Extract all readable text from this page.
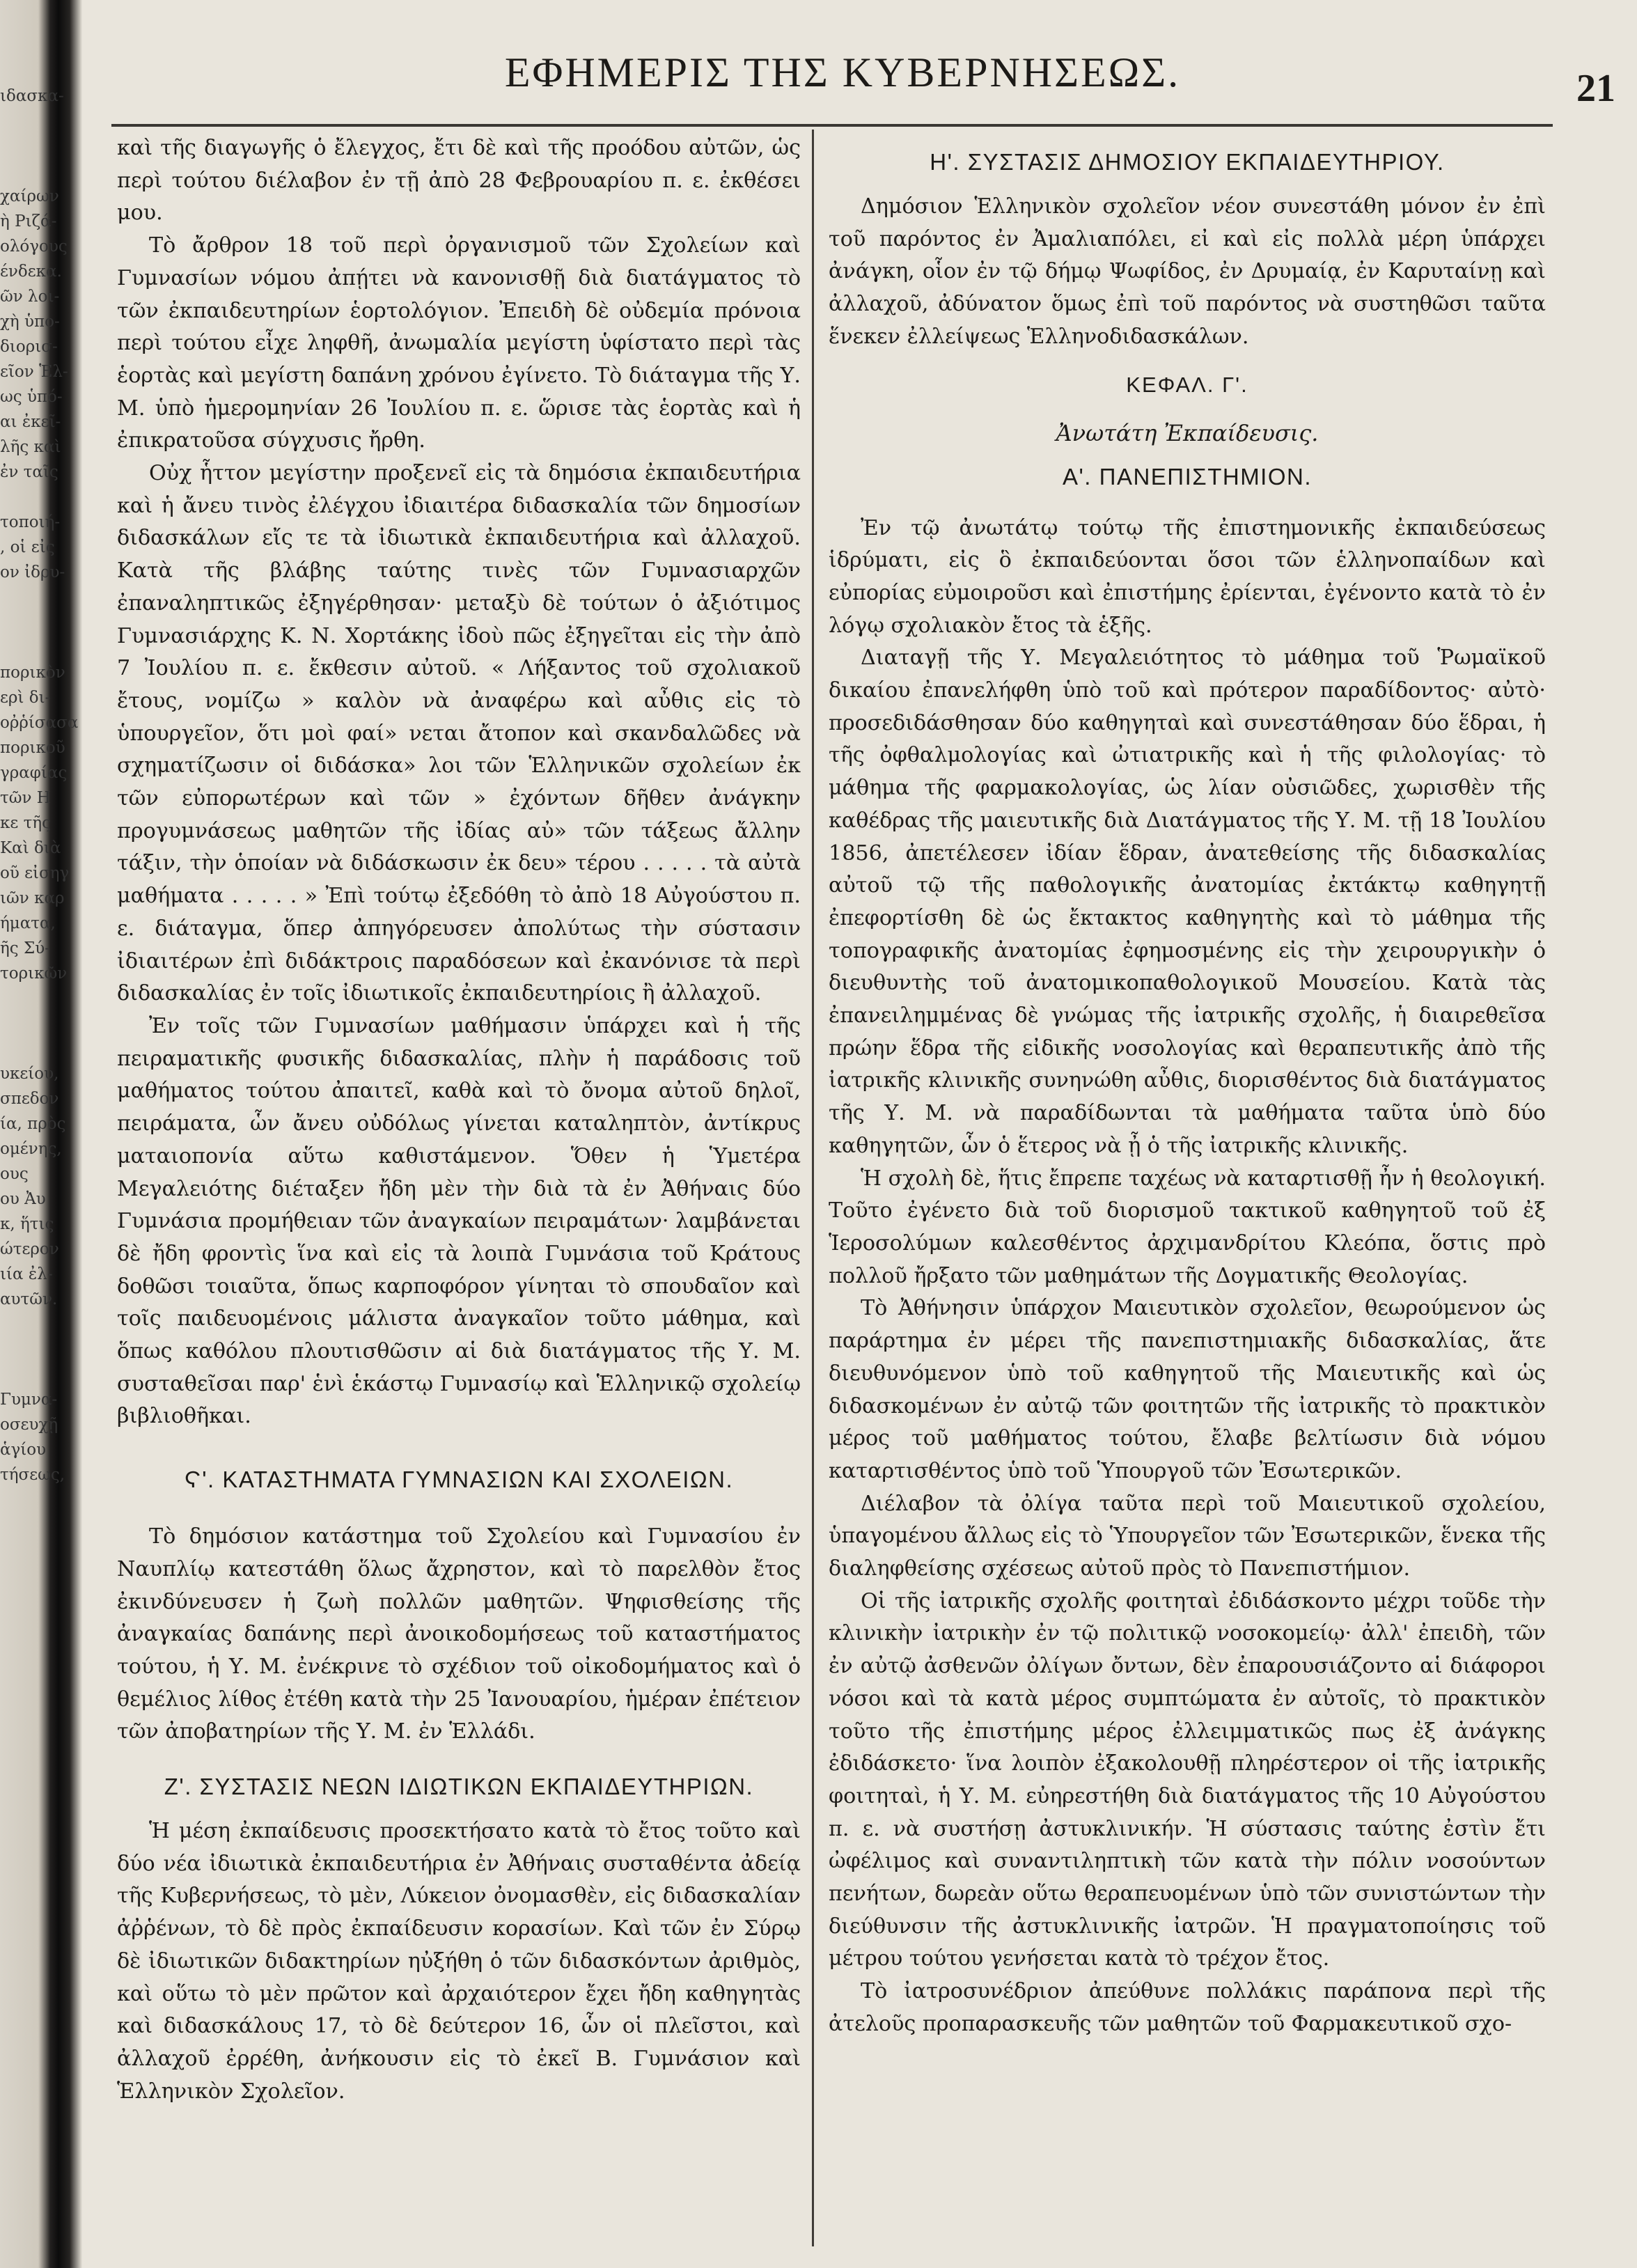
ιδασκα-
χαίρων
ὴ Ριζά-
ολόγους
ένδεκα.
ῶν λοι-
χὴ ὑπο-
διορισ-
εῖον Ἑλ-
ως ὑπό-
αι ἐκεῖ-
λῆς καὶ
ἐν ταῖς
τοποιή-
, οἱ εἰς
ον ἰδρυ-
πορικὸν
ερὶ δι-
οῤῥίσασα
πορικοῦ
γραφίας
τῶν Η
κε τῆς
Καὶ διὰ
οῦ εἰσηγ
ιῶν καρ
ήματα,
ῆς Σύ-
τορικῶν
υκείου,
σπεδον
ία, πρὸς
ομένης,
ους
ου Ἀυ
κ, ἥτις
ώτερον
ιία ἐλ-
αυτῶν.
Γυμνα-
οσευχῇ
ἁγίου
τήσεως,
ΕΦΗΜΕΡΙΣ ΤΗΣ ΚΥΒΕΡΝΗΣΕΩΣ.	21

καὶ τῆς διαγωγῆς ὁ ἔλεγχος, ἔτι δὲ καὶ τῆς προόδου αὐτῶν, ὡς περὶ τούτου διέλαβον ἐν τῇ ἀπὸ 28 Φεβρουαρίου π. ε. ἐκθέσει μου.

Τὸ ἄρθρον 18 τοῦ περὶ ὀργανισμοῦ τῶν Σχολείων καὶ Γυμνασίων νόμου ἀπῄτει νὰ κανονισθῇ διὰ διατάγματος τὸ τῶν ἐκπαιδευτηρίων ἑορτολόγιον. Ἐπειδὴ δὲ οὐδεμία πρόνοια περὶ τούτου εἶχε ληφθῆ, ἀνωμαλία μεγίστη ὑφίστατο περὶ τὰς ἑορτὰς καὶ μεγίστη δαπάνη χρόνου ἐγίνετο. Τὸ διάταγμα τῆς Υ. Μ. ὑπὸ ἡμερομηνίαν 26 Ἰουλίου π. ε. ὥρισε τὰς ἑορτὰς καὶ ἡ ἐπικρατοῦσα σύγχυσις ἤρθη.

Οὐχ ἧττον μεγίστην προξενεῖ εἰς τὰ δημόσια ἐκπαιδευτήρια καὶ ἡ ἄνευ τινὸς ἐλέγχου ἰδιαιτέρα διδασκαλία τῶν δημοσίων διδασκάλων εἴς τε τὰ ἰδιωτικὰ ἐκπαιδευτήρια καὶ ἀλλαχοῦ. Κατὰ τῆς βλάβης ταύτης τινὲς τῶν Γυμνασιαρχῶν ἐπαναληπτικῶς ἐξηγέρθησαν· μεταξὺ δὲ τούτων ὁ ἀξιότιμος Γυμνασιάρχης Κ. Ν. Χορτάκης ἰδοὺ πῶς ἐξηγεῖται εἰς τὴν ἀπὸ 7 Ἰουλίου π. ε. ἔκθεσιν αὐτοῦ. « Λήξαντος τοῦ σχολιακοῦ ἔτους, νομίζω » καλὸν νὰ ἀναφέρω καὶ αὖθις εἰς τὸ ὑπουργεῖον, ὅτι μοὶ φαί» νεται ἄτοπον καὶ σκανδαλῶδες νὰ σχηματίζωσιν οἱ διδάσκα» λοι τῶν Ἑλληνικῶν σχολείων ἐκ τῶν εὐπορωτέρων καὶ τῶν » ἐχόντων δῆθεν ἀνάγκην προγυμνάσεως μαθητῶν τῆς ἰδίας αὐ» τῶν τάξεως ἄλλην τάξιν, τὴν ὁποίαν νὰ διδάσκωσιν ἐκ δευ» τέρου . . . . . τὰ αὐτὰ μαθήματα . . . . . » Ἐπὶ τούτῳ ἐξεδόθη τὸ ἀπὸ 18 Αὐγούστου π. ε. διάταγμα, ὅπερ ἀπηγόρευσεν ἀπολύτως τὴν σύστασιν ἰδιαιτέρων ἐπὶ διδάκτροις παραδόσεων καὶ ἐκανόνισε τὰ περὶ διδασκαλίας ἐν τοῖς ἰδιωτικοῖς ἐκπαιδευτηρίοις ἢ ἀλλαχοῦ.

Ἐν τοῖς τῶν Γυμνασίων μαθήμασιν ὑπάρχει καὶ ἡ τῆς πειραματικῆς φυσικῆς διδασκαλίας, πλὴν ἡ παράδοσις τοῦ μαθήματος τούτου ἀπαιτεῖ, καθὰ καὶ τὸ ὄνομα αὐτοῦ δηλοῖ, πειράματα, ὧν ἄνευ οὐδόλως γίνεται καταληπτὸν, ἀντίκρυς ματαιοπονία αὕτω καθιστάμενον. Ὅθεν ἡ Ὑμετέρα Μεγαλειότης διέταξεν ἤδη μὲν τὴν διὰ τὰ ἐν Ἀθήναις δύο Γυμνάσια προμήθειαν τῶν ἀναγκαίων πειραμάτων· λαμβάνεται δὲ ἤδη φροντὶς ἵνα καὶ εἰς τὰ λοιπὰ Γυμνάσια τοῦ Κράτους δοθῶσι τοιαῦτα, ὅπως καρποφόρον γίνηται τὸ σπουδαῖον καὶ τοῖς παιδευομένοις μάλιστα ἀναγκαῖον τοῦτο μάθημα, καὶ ὅπως καθόλου πλουτισθῶσιν αἱ διὰ διατάγματος τῆς Υ. Μ. συσταθεῖσαι παρ' ἑνὶ ἑκάστῳ Γυμνασίῳ καὶ Ἑλληνικῷ σχολείῳ βιβλιοθῆκαι.

Ϛ'. ΚΑΤΑΣΤΗΜΑΤΑ ΓΥΜΝΑΣΙΩΝ ΚΑΙ ΣΧΟΛΕΙΩΝ.

Τὸ δημόσιον κατάστημα τοῦ Σχολείου καὶ Γυμνασίου ἐν Ναυπλίῳ κατεστάθη ὅλως ἄχρηστον, καὶ τὸ παρελθὸν ἔτος ἐκινδύνευσεν ἡ ζωὴ πολλῶν μαθητῶν. Ψηφισθείσης τῆς ἀναγκαίας δαπάνης περὶ ἀνοικοδομήσεως τοῦ καταστήματος τούτου, ἡ Υ. Μ. ἐνέκρινε τὸ σχέδιον τοῦ οἰκοδομήματος καὶ ὁ θεμέλιος λίθος ἐτέθη κατὰ τὴν 25 Ἰανουαρίου, ἡμέραν ἐπέτειον τῶν ἀποβατηρίων τῆς Υ. Μ. ἐν Ἑλλάδι.

Ζ'. ΣΥΣΤΑΣΙΣ ΝΕΩΝ ΙΔΙΩΤΙΚΩΝ ΕΚΠΑΙΔΕΥΤΗΡΙΩΝ.

Ἡ μέση ἐκπαίδευσις προσεκτήσατο κατὰ τὸ ἔτος τοῦτο καὶ δύο νέα ἰδιωτικὰ ἐκπαιδευτήρια ἐν Ἀθήναις συσταθέντα ἀδείᾳ τῆς Κυβερνήσεως, τὸ μὲν, Λύκειον ὀνομασθὲν, εἰς διδασκαλίαν ἀῤῥένων, τὸ δὲ πρὸς ἐκπαίδευσιν κορασίων. Καὶ τῶν ἐν Σύρῳ δὲ ἰδιωτικῶν διδακτηρίων ηὐξήθη ὁ τῶν διδασκόντων ἀριθμὸς, καὶ οὕτω τὸ μὲν πρῶτον καὶ ἀρχαιότερον ἔχει ἤδη καθηγητὰς καὶ διδασκάλους 17, τὸ δὲ δεύτερον 16, ὧν οἱ πλεῖστοι, καὶ ἀλλαχοῦ ἐρρέθη, ἀνήκουσιν εἰς τὸ ἐκεῖ Β. Γυμνάσιον καὶ Ἑλληνικὸν Σχολεῖον.

Η'. ΣΥΣΤΑΣΙΣ ΔΗΜΟΣΙΟΥ ΕΚΠΑΙΔΕΥΤΗΡΙΟΥ.

Δημόσιον Ἑλληνικὸν σχολεῖον νέον συνεστάθη μόνον ἐν ἐπὶ τοῦ παρόντος ἐν Ἀμαλιαπόλει, εἰ καὶ εἰς πολλὰ μέρη ὑπάρχει ἀνάγκη, οἷον ἐν τῷ δήμῳ Ψωφίδος, ἐν Δρυμαίᾳ, ἐν Καρυταίνῃ καὶ ἀλλαχοῦ, ἀδύνατον ὅμως ἐπὶ τοῦ παρόντος νὰ συστηθῶσι ταῦτα ἕνεκεν ἐλλείψεως Ἑλληνοδιδασκάλων.

ΚΕΦΑΛ. Γ'.
Ἀνωτάτη Ἐκπαίδευσις.
Α'. ΠΑΝΕΠΙΣΤΗΜΙΟΝ.

Ἐν τῷ ἀνωτάτῳ τούτῳ τῆς ἐπιστημονικῆς ἐκπαιδεύσεως ἱδρύματι, εἰς ὃ ἐκπαιδεύονται ὅσοι τῶν ἑλληνοπαίδων καὶ εὐπορίας εὐμοιροῦσι καὶ ἐπιστήμης ἐρίενται, ἐγένοντο κατὰ τὸ ἐν λόγῳ σχολιακὸν ἔτος τὰ ἑξῆς.

Διαταγῇ τῆς Υ. Μεγαλειότητος τὸ μάθημα τοῦ Ῥωμαϊκοῦ δικαίου ἐπανελήφθη ὑπὸ τοῦ καὶ πρότερον παραδίδοντος· αὐτὸ· προσεδιδάσθησαν δύο καθηγηταὶ καὶ συνεστάθησαν δύο ἕδραι, ἡ τῆς ὀφθαλμολογίας καὶ ὠτιατρικῆς καὶ ἡ τῆς φιλολογίας· τὸ μάθημα τῆς φαρμακολογίας, ὡς λίαν οὐσιῶδες, χωρισθὲν τῆς καθέδρας τῆς μαιευτικῆς διὰ Διατάγματος τῆς Υ. Μ. τῇ 18 Ἰουλίου 1856, ἀπετέλεσεν ἰδίαν ἕδραν, ἀνατεθείσης τῆς διδασκαλίας αὐτοῦ τῷ τῆς παθολογικῆς ἀνατομίας ἐκτάκτῳ καθηγητῇ ἐπεφορτίσθη δὲ ὡς ἔκτακτος καθηγητὴς καὶ τὸ μάθημα τῆς τοπογραφικῆς ἀνατομίας ἐφημοσμένης εἰς τὴν χειρουργικὴν ὁ διευθυντὴς τοῦ ἀνατομικοπαθολογικοῦ Μουσείου. Κατὰ τὰς ἐπανειλημμένας δὲ γνώμας τῆς ἰατρικῆς σχολῆς, ἡ διαιρεθεῖσα πρώην ἕδρα τῆς εἰδικῆς νοσολογίας καὶ θεραπευτικῆς ἀπὸ τῆς ἰατρικῆς κλινικῆς συνηνώθη αὖθις, διορισθέντος διὰ διατάγματος τῆς Υ. Μ. νὰ παραδίδωνται τὰ μαθήματα ταῦτα ὑπὸ δύο καθηγητῶν, ὧν ὁ ἕτερος νὰ ᾖ ὁ τῆς ἰατρικῆς κλινικῆς.

Ἡ σχολὴ δὲ, ἥτις ἔπρεπε ταχέως νὰ καταρτισθῇ ἦν ἡ θεολογική. Τοῦτο ἐγένετο διὰ τοῦ διορισμοῦ τακτικοῦ καθηγητοῦ τοῦ ἐξ Ἱεροσολύμων καλεσθέντος ἀρχιμανδρίτου Κλεόπα, ὅστις πρὸ πολλοῦ ἤρξατο τῶν μαθημάτων τῆς Δογματικῆς Θεολογίας.

Τὸ Ἀθήνησιν ὑπάρχον Μαιευτικὸν σχολεῖον, θεωρούμενον ὡς παράρτημα ἐν μέρει τῆς πανεπιστημιακῆς διδασκαλίας, ἅτε διευθυνόμενον ὑπὸ τοῦ καθηγητοῦ τῆς Μαιευτικῆς καὶ ὡς διδασκομένων ἐν αὐτῷ τῶν φοιτητῶν τῆς ἰατρικῆς τὸ πρακτικὸν μέρος τοῦ μαθήματος τούτου, ἔλαβε βελτίωσιν διὰ νόμου καταρτισθέντος ὑπὸ τοῦ Ὑπουργοῦ τῶν Ἐσωτερικῶν.

Διέλαβον τὰ ὀλίγα ταῦτα περὶ τοῦ Μαιευτικοῦ σχολείου, ὑπαγομένου ἄλλως εἰς τὸ Ὑπουργεῖον τῶν Ἐσωτερικῶν, ἕνεκα τῆς διαληφθείσης σχέσεως αὐτοῦ πρὸς τὸ Πανεπιστήμιον.

Οἱ τῆς ἰατρικῆς σχολῆς φοιτηταὶ ἐδιδάσκοντο μέχρι τοῦδε τὴν κλινικὴν ἰατρικὴν ἐν τῷ πολιτικῷ νοσοκομείῳ· ἀλλ' ἐπειδὴ, τῶν ἐν αὐτῷ ἀσθενῶν ὀλίγων ὄντων, δὲν ἐπαρουσιάζοντο αἱ διάφοροι νόσοι καὶ τὰ κατὰ μέρος συμπτώματα ἐν αὐτοῖς, τὸ πρακτικὸν τοῦτο τῆς ἐπιστήμης μέρος ἐλλειμματικῶς πως ἐξ ἀνάγκης ἐδιδάσκετο· ἵνα λοιπὸν ἐξακολουθῇ πληρέστερον οἱ τῆς ἰατρικῆς φοιτηταὶ, ἡ Υ. Μ. εὐηρεστήθη διὰ διατάγματος τῆς 10 Αὐγούστου π. ε. νὰ συστήσῃ ἀστυκλινικήν. Ἡ σύστασις ταύτης ἐστὶν ἔτι ὠφέλιμος καὶ συναντιληπτικὴ τῶν κατὰ τὴν πόλιν νοσούντων πενήτων, δωρεὰν οὕτω θεραπευομένων ὑπὸ τῶν συνιστώντων τὴν διεύθυνσιν τῆς ἀστυκλινικῆς ἰατρῶν. Ἡ πραγματοποίησις τοῦ μέτρου τούτου γενήσεται κατὰ τὸ τρέχον ἔτος.

Τὸ ἰατροσυνέδριον ἀπεύθυνε πολλάκις παράπονα περὶ τῆς ἀτελοῦς προπαρασκευῆς τῶν μαθητῶν τοῦ Φαρμακευτικοῦ σχο-
